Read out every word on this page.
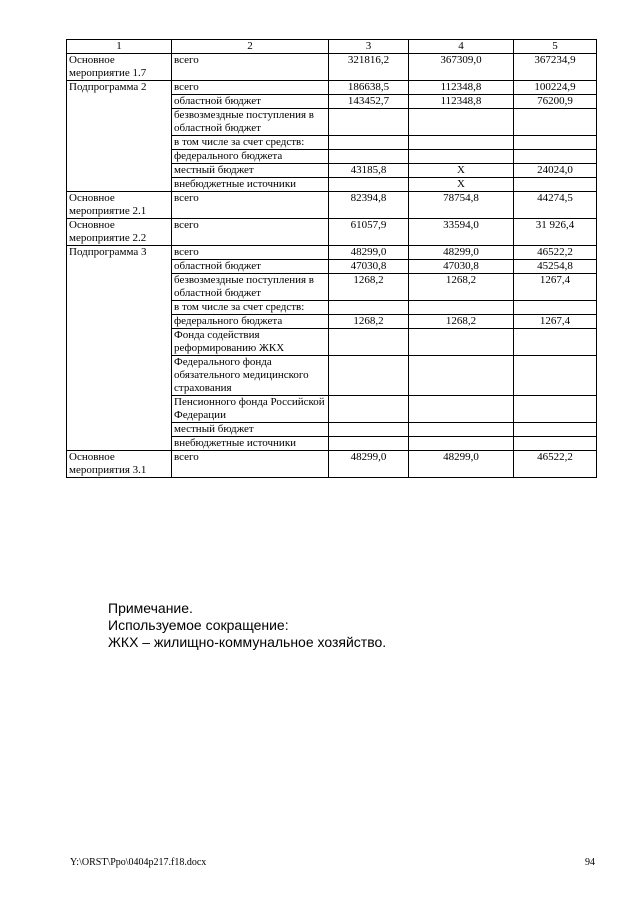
1	2	3	4	5
Основное мероприятие 1.7	всего	321816,2	367309,0	367234,9
Подпрограмма 2	всего	186638,5	112348,8	100224,9
	областной бюджет	143452,7	112348,8	76200,9
	безвозмездные поступления в областной бюджет			
	в том числе за счет средств:			
	федерального бюджета			
	местный бюджет	43185,8	Х	24024,0
	внебюджетные источники		Х	
Основное мероприятие 2.1	всего	82394,8	78754,8	44274,5
Основное мероприятие 2.2	всего	61057,9	33594,0	31 926,4
Подпрограмма 3	всего	48299,0	48299,0	46522,2
	областной бюджет	47030,8	47030,8	45254,8
	безвозмездные поступления в областной бюджет	1268,2	1268,2	1267,4
	в том числе за счет средств:			
	федерального бюджета	1268,2	1268,2	1267,4
	Фонда содействия реформированию ЖКХ			
	Федерального фонда обязательного медицинского страхования			
	Пенсионного фонда Российской Федерации			
	местный бюджет			
	внебюджетные источники			
Основное мероприятия 3.1	всего	48299,0	48299,0	46522,2
Примечание.
Используемое сокращение:
ЖКХ – жилищно-коммунальное хозяйство.
Y:\ORST\Ppo\0404p217.f18.docx	94
